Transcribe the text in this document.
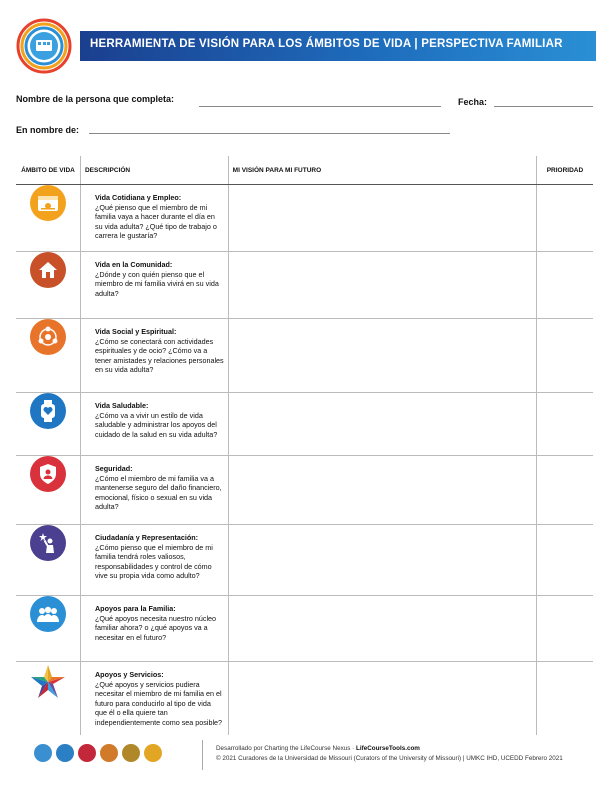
HERRAMIENTA DE VISIÓN PARA LOS ÁMBITOS DE VIDA | PERSPECTIVA FAMILIAR
Nombre de la persona que completa:	Fecha:
En nombre de:
ÁMBITO DE VIDA	DESCRIPCIÓN	MI VISIÓN PARA MI FUTURO	PRIORIDAD

Vida Cotidiana y Empleo:
¿Qué pienso que el miembro de mi familia vaya a hacer durante el día en su vida adulta? ¿Qué tipo de trabajo o carrera le gustaría?		

Vida en la Comunidad:
¿Dónde y con quién pienso que el miembro de mi familia vivirá en su vida adulta?		

Vida Social y Espiritual:
¿Cómo se conectará con actividades espirituales y de ocio? ¿Cómo va a tener amistades y relaciones personales en su vida adulta?		

Vida Saludable:
¿Cómo va a vivir un estilo de vida saludable y administrar los apoyos del cuidado de la salud en su vida adulta?		

Seguridad:
¿Cómo el miembro de mi familia va a mantenerse seguro del daño financiero, emocional, físico o sexual en su vida adulta?		

Ciudadanía y Representación:
¿Cómo pienso que el miembro de mi familia tendrá roles valiosos, responsabilidades y control de cómo vive su propia vida como adulto?		

Apoyos para la Familia:
¿Qué apoyos necesita nuestro núcleo familiar ahora? o ¿qué apoyos va a necesitar en el futuro?		

Apoyos y Servicios:
¿Qué apoyos y servicios pudiera necesitar el miembro de mi familia en el futuro para conducirlo al tipo de vida que él o ella quiere tan independientemente como sea posible?		

Desarrollado por Charting the LifeCourse Nexus · LifeCourseTools.com
© 2021 Curadores de la Universidad de Missouri (Curators of the University of Missouri) | UMKC IHD, UCEDD Febrero 2021
